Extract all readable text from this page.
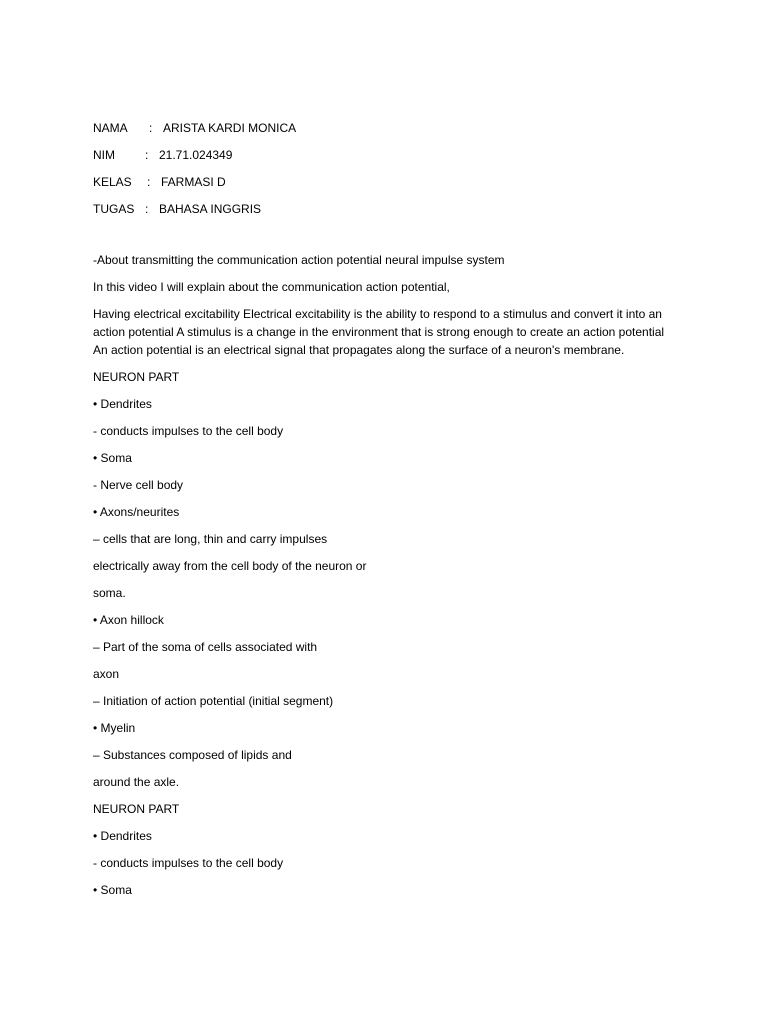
NAMA	: ARISTA KARDI MONICA
NIM	: 21.71.024349
KELAS	: FARMASI D
TUGAS : BAHASA INGGRIS

-About transmitting the communication action potential neural impulse system

In this video I will explain about the communication action potential,

Having electrical excitability Electrical excitability is the ability to respond to a stimulus and convert it into an action potential A stimulus is a change in the environment that is strong enough to create an action potential An action potential is an electrical signal that propagates along the surface of a neuron's membrane.

NEURON PART

• Dendrites

- conducts impulses to the cell body

• Soma

- Nerve cell body

• Axons/neurites

– cells that are long, thin and carry impulses

electrically away from the cell body of the neuron or

soma.

• Axon hillock

– Part of the soma of cells associated with

axon

– Initiation of action potential (initial segment)

• Myelin

– Substances composed of lipids and

around the axle.

NEURON PART

• Dendrites

- conducts impulses to the cell body

• Soma
